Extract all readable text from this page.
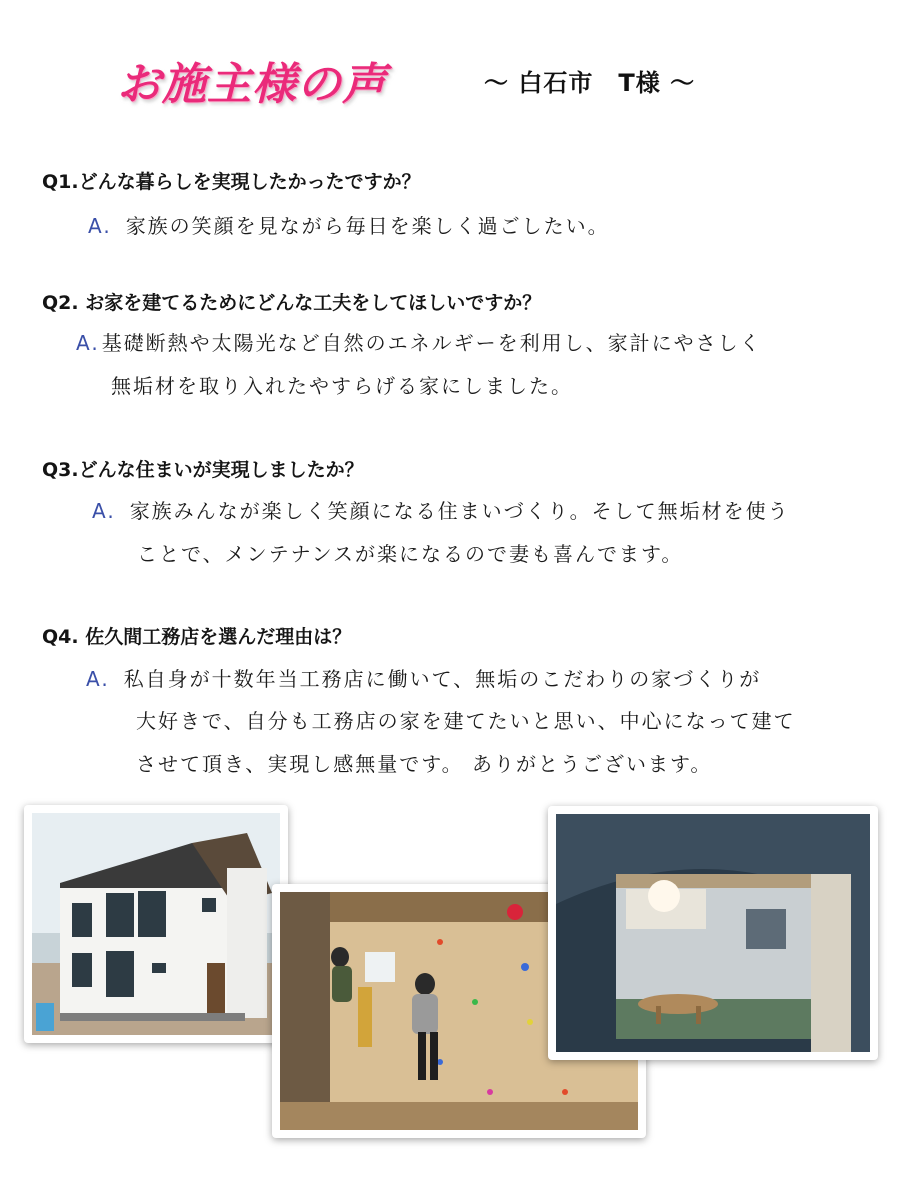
お施主様の声	～ 白石市　T様 ～
Q1.どんな暮らしを実現したかったですか？
A. 家族の笑顔を見ながら毎日を楽しく過ごしたい。
Q2. お家を建てるためにどんな工夫をしてほしいですか？
A. 基礎断熱や太陽光など自然のエネルギーを利用し、家計にやさしく
無垢材を取り入れたやすらげる家にしました。
Q3.どんな住まいが実現しましたか？
A. 家族みんなが楽しく笑顔になる住まいづくり。そして無垢材を使う
ことで、メンテナンスが楽になるので妻も喜んでます。
Q4. 佐久間工務店を選んだ理由は？
A. 私自身が十数年当工務店に働いて、無垢のこだわりの家づくりが
大好きで、自分も工務店の家を建てたいと思い、中心になって建て
させて頂き、実現し感無量です。 ありがとうございます。
